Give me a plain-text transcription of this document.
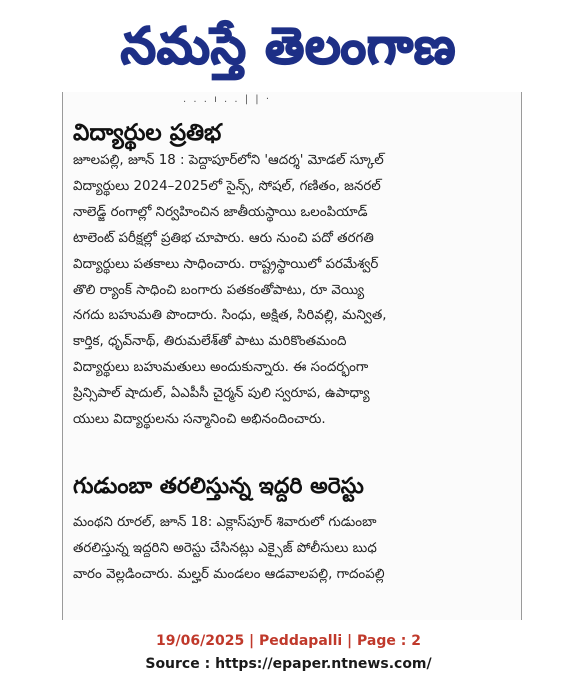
నమస్తే తెలంగాణ
. . . ı . . | | ·
విద్యార్థుల ప్రతిభ
జూలపల్లి, జూన్ 18 : పెద్దాపూర్‌లోని 'ఆదర్శ' మోడల్ స్కూల్
విద్యార్థులు 2024–2025లో సైన్స్, సోషల్, గణితం, జనరల్
నాలెడ్జ్ రంగాల్లో నిర్వహించిన జాతీయస్థాయి ఒలంపియాడ్
టాలెంట్ పరీక్షల్లో ప్రతిభ చూపారు. ఆరు నుంచి పదో తరగతి
విద్యార్థులు పతకాలు సాధించారు. రాష్ట్రస్థాయిలో పరమేశ్వర్
తొలి ర్యాంక్ సాధించి బంగారు పతకంతోపాటు, రూ వెయ్యి
నగదు బహుమతి పొందారు. సింధు, అక్షిత, సిరివల్లి, మన్విత,
కార్తిక, ధృవ్‌నాథ్, తిరుమలేశ్‌తో పాటు మరికొంతమంది
విద్యార్థులు బహుమతులు అందుకున్నారు. ఈ సందర్భంగా
ప్రిన్సిపాల్ షాదుల్, ఏఎపీసీ చైర్మన్ పులి స్వరూప, ఉపాధ్యా
యులు విద్యార్థులను సన్మానించి అభినందించారు.
గుడుంబా తరలిస్తున్న ఇద్దరి అరెస్టు
మంథని రూరల్, జూన్ 18: ఎక్లాస్‌పూర్ శివారులో గుడుంబా
తరలిస్తున్న ఇద్దరిని అరెస్టు చేసినట్లు ఎక్సైజ్ పోలీసులు బుధ
వారం వెల్లడించారు. మల్హర్ మండలం ఆడవాలపల్లి, గాదంపల్లి
19/06/2025 | Peddapalli | Page : 2
Source : https://epaper.ntnews.com/
